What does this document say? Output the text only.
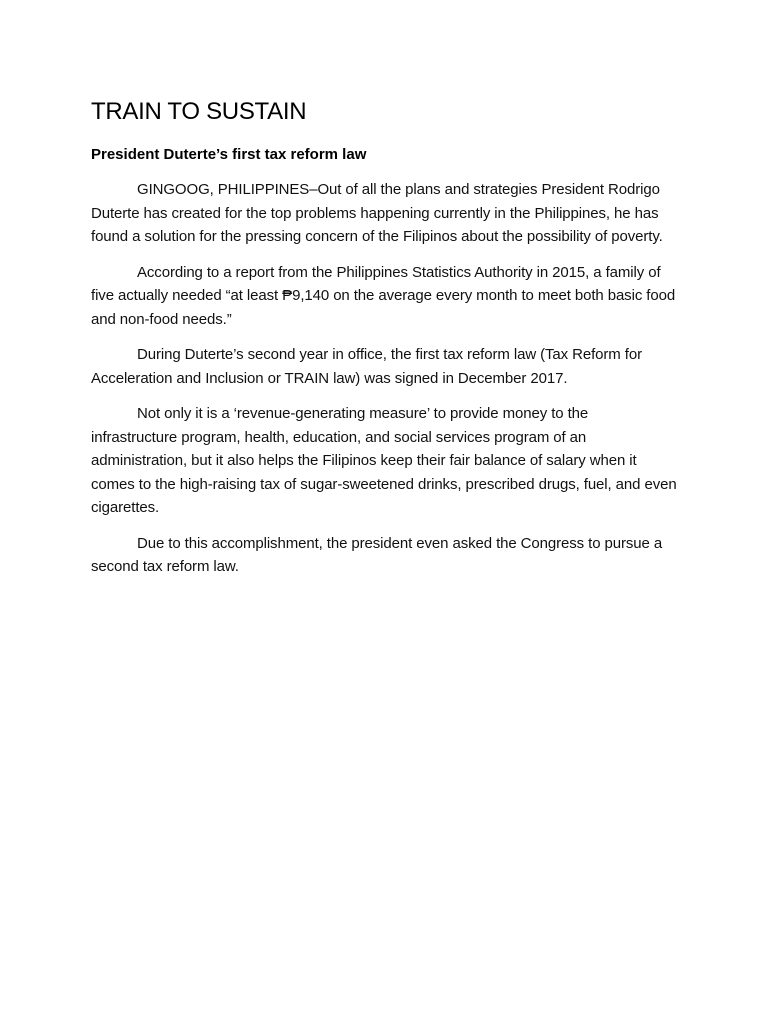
TRAIN TO SUSTAIN

President Duterte’s first tax reform law

GINGOOG, PHILIPPINES–Out of all the plans and strategies President Rodrigo Duterte has created for the top problems happening currently in the Philippines, he has found a solution for the pressing concern of the Filipinos about the possibility of poverty.

According to a report from the Philippines Statistics Authority in 2015, a family of five actually needed “at least ₱9,140 on the average every month to meet both basic food and non-food needs.”

During Duterte’s second year in office, the first tax reform law (Tax Reform for Acceleration and Inclusion or TRAIN law) was signed in December 2017.

Not only it is a ‘revenue-generating measure’ to provide money to the infrastructure program, health, education, and social services program of an administration, but it also helps the Filipinos keep their fair balance of salary when it comes to the high-raising tax of sugar-sweetened drinks, prescribed drugs, fuel, and even cigarettes.

Due to this accomplishment, the president even asked the Congress to pursue a second tax reform law.
